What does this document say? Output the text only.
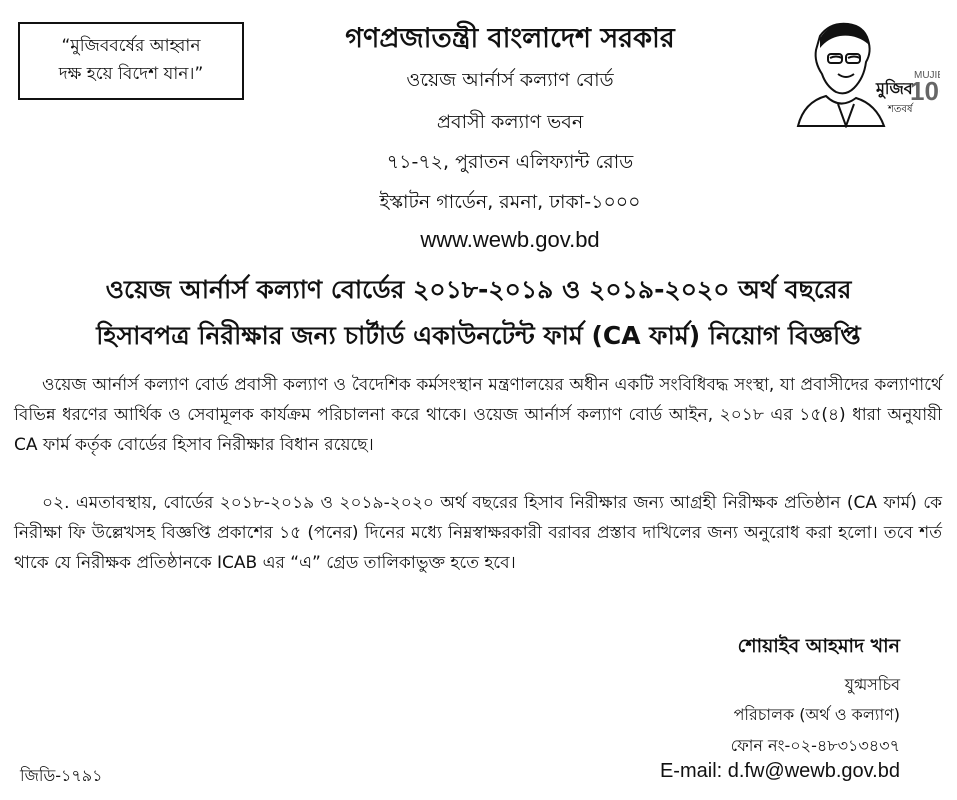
“মুজিববর্ষের আহ্বান
দক্ষ হয়ে বিদেশ যান।”
গণপ্রজাতন্ত্রী বাংলাদেশ সরকার
ওয়েজ আর্নার্স কল্যাণ বোর্ড
প্রবাসী কল্যাণ ভবন
৭১-৭২, পুরাতন এলিফ্যান্ট রোড
ইস্কাটন গার্ডেন, রমনা, ঢাকা-১০০০
www.wewb.gov.bd
মুজিব
MUJI
10
শতবর্ষ
ওয়েজ আর্নার্স কল্যাণ বোর্ডের ২০১৮-২০১৯ ও ২০১৯-২০২০ অর্থ বছরের
হিসাবপত্র নিরীক্ষার জন্য চার্টার্ড একাউনটেন্ট ফার্ম (CA ফার্ম) নিয়োগ বিজ্ঞপ্তি

ওয়েজ আর্নার্স কল্যাণ বোর্ড প্রবাসী কল্যাণ ও বৈদেশিক কর্মসংস্থান মন্ত্রণালয়ের অধীন একটি সংবিধিবদ্ধ সংস্থা, যা প্রবাসীদের কল্যাণার্থে বিভিন্ন ধরণের আর্থিক ও সেবামূলক কার্যক্রম পরিচালনা করে থাকে। ওয়েজ আর্নার্স কল্যাণ বোর্ড আইন, ২০১৮ এর ১৫(৪) ধারা অনুযায়ী CA ফার্ম কর্তৃক বোর্ডের হিসাব নিরীক্ষার বিধান রয়েছে।

০২. এমতাবস্থায়, বোর্ডের ২০১৮-২০১৯ ও ২০১৯-২০২০ অর্থ বছরের হিসাব নিরীক্ষার জন্য আগ্রহী নিরীক্ষক প্রতিষ্ঠান (CA ফার্ম) কে নিরীক্ষা ফি উল্লেখসহ বিজ্ঞপ্তি প্রকাশের ১৫ (পনের) দিনের মধ্যে নিম্নস্বাক্ষরকারী বরাবর প্রস্তাব দাখিলের জন্য অনুরোধ করা হলো। তবে শর্ত থাকে যে নিরীক্ষক প্রতিষ্ঠানকে ICAB এর “এ” গ্রেড তালিকাভুক্ত হতে হবে।

শোয়াইব আহমাদ খান
যুগ্মসচিব
পরিচালক (অর্থ ও কল্যাণ)
ফোন নং-০২-৪৮৩১৩৪৩৭
E-mail: d.fw@wewb.gov.bd
জিডি-১৭৯১
